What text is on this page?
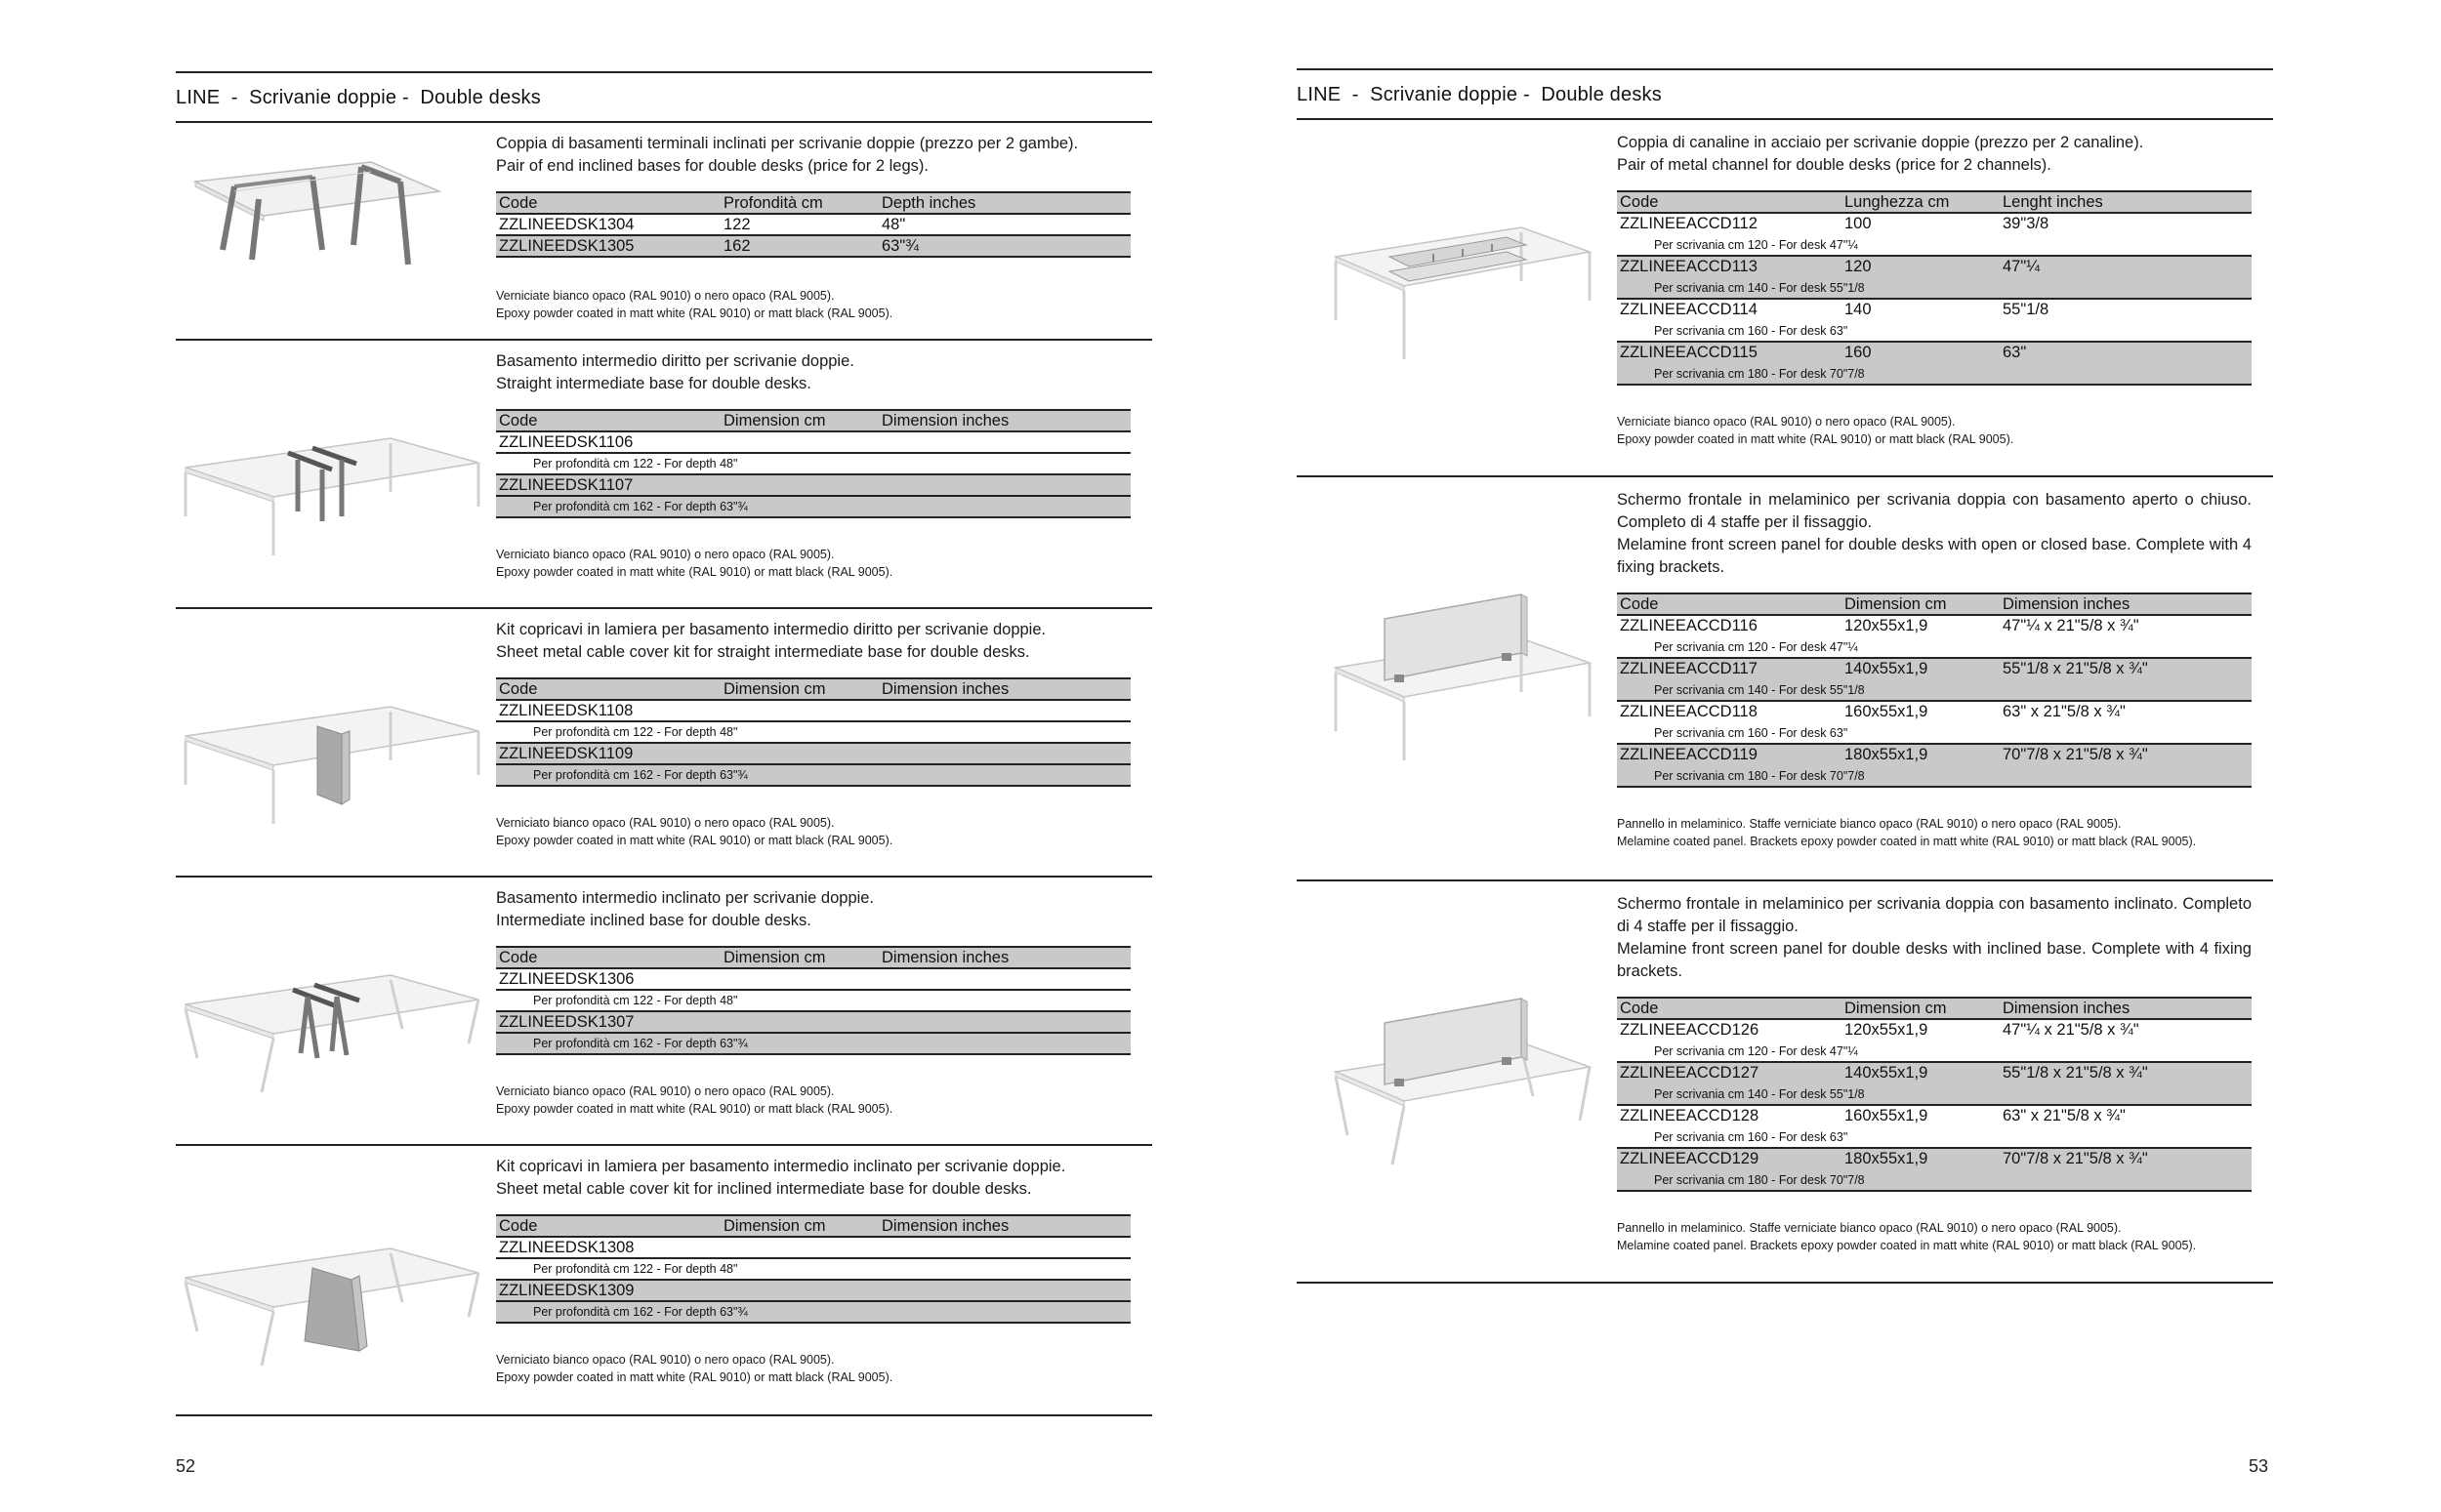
LINE  -  Scrivanie doppie -  Double desks

Coppia di basamenti terminali inclinati per scrivanie doppie (prezzo per 2 gambe).

Pair of end inclined bases for double desks (price for 2 legs).

Code	Profondità cm	Depth inches
ZZLINEEDSK1304	122	48"
ZZLINEEDSK1305	162	63"¾
Verniciate bianco opaco (RAL 9010) o nero opaco (RAL 9005).
Epoxy powder coated in matt white (RAL 9010) or matt black (RAL 9005).

Basamento intermedio diritto per scrivanie doppie.

Straight intermediate base for double desks.

Code	Dimension cm	Dimension inches
ZZLINEEDSK1106
Per profondità cm 122 - For depth 48"
ZZLINEEDSK1107
Per profondità cm 162 - For depth 63"¾
Verniciato bianco opaco (RAL 9010) o nero opaco (RAL 9005).
Epoxy powder coated in matt white (RAL 9010) or matt black (RAL 9005).

Kit copricavi in lamiera per basamento intermedio diritto per scrivanie doppie.

Sheet metal cable cover kit for straight intermediate base for double desks.

Code	Dimension cm	Dimension inches
ZZLINEEDSK1108
Per profondità cm 122 - For depth 48"
ZZLINEEDSK1109
Per profondità cm 162 - For depth 63"¾
Verniciato bianco opaco (RAL 9010) o nero opaco (RAL 9005).
Epoxy powder coated in matt white (RAL 9010) or matt black (RAL 9005).

Basamento intermedio inclinato per scrivanie doppie.

Intermediate inclined base for double desks.

Code	Dimension cm	Dimension inches
ZZLINEEDSK1306
Per profondità cm 122 - For depth 48"
ZZLINEEDSK1307
Per profondità cm 162 - For depth 63"¾
Verniciato bianco opaco (RAL 9010) o nero opaco (RAL 9005).
Epoxy powder coated in matt white (RAL 9010) or matt black (RAL 9005).

Kit copricavi in lamiera per basamento intermedio inclinato per scrivanie doppie.

Sheet metal cable cover kit for inclined intermediate base for double desks.

Code	Dimension cm	Dimension inches
ZZLINEEDSK1308
Per profondità cm 122 - For depth 48"
ZZLINEEDSK1309
Per profondità cm 162 - For depth 63"¾
Verniciato bianco opaco (RAL 9010) o nero opaco (RAL 9005).
Epoxy powder coated in matt white (RAL 9010) or matt black (RAL 9005).
52
LINE  -  Scrivanie doppie -  Double desks

Coppia di canaline in acciaio per scrivanie doppie (prezzo per 2 canaline).

Pair of metal channel for double desks (price for 2 channels).

Code	Lunghezza cm	Lenght inches
ZZLINEEACCD112	100	39"3/8
Per scrivania cm 120 - For desk 47"¼		
ZZLINEEACCD113	120	47"¼
Per scrivania cm 140 - For desk 55"1/8		
ZZLINEEACCD114	140	55"1/8
Per scrivania cm 160 - For desk 63"		
ZZLINEEACCD115	160	63"
Per scrivania cm 180 - For desk 70"7/8		
Verniciate bianco opaco (RAL 9010) o nero opaco (RAL 9005).
Epoxy powder coated in matt white (RAL 9010) or matt black (RAL 9005).

Schermo frontale in melaminico per scrivania doppia con basamento aperto o chiuso. Completo di 4 staffe per il fissaggio.

Melamine front screen panel for double desks with open or closed base. Complete with 4 fixing brackets.

Code	Dimension cm	Dimension inches
ZZLINEEACCD116	120x55x1,9	47"¼ x 21"5/8 x ¾"
Per scrivania cm 120 - For desk 47"¼		
ZZLINEEACCD117	140x55x1,9	55"1/8 x 21"5/8 x ¾"
Per scrivania cm 140 - For desk 55"1/8		
ZZLINEEACCD118	160x55x1,9	63" x 21"5/8 x ¾"
Per scrivania cm 160 - For desk 63"		
ZZLINEEACCD119	180x55x1,9	70"7/8 x 21"5/8 x ¾"
Per scrivania cm 180 - For desk 70"7/8		
Pannello in melaminico. Staffe verniciate bianco opaco (RAL 9010) o nero opaco (RAL 9005).
Melamine coated panel. Brackets epoxy powder coated in matt white (RAL 9010) or matt black (RAL 9005).

Schermo frontale in melaminico per scrivania doppia con basamento inclinato. Completo di 4 staffe per il fissaggio.

Melamine front screen panel for double desks with inclined base. Complete with 4 fixing brackets.

Code	Dimension cm	Dimension inches
ZZLINEEACCD126	120x55x1,9	47"¼ x 21"5/8 x ¾"
Per scrivania cm 120 - For desk 47"¼		
ZZLINEEACCD127	140x55x1,9	55"1/8 x 21"5/8 x ¾"
Per scrivania cm 140 - For desk 55"1/8		
ZZLINEEACCD128	160x55x1,9	63" x 21"5/8 x ¾"
Per scrivania cm 160 - For desk 63"		
ZZLINEEACCD129	180x55x1,9	70"7/8 x 21"5/8 x ¾"
Per scrivania cm 180 - For desk 70"7/8		
Pannello in melaminico. Staffe verniciate bianco opaco (RAL 9010) o nero opaco (RAL 9005).
Melamine coated panel. Brackets epoxy powder coated in matt white (RAL 9010) or matt black (RAL 9005).
53
